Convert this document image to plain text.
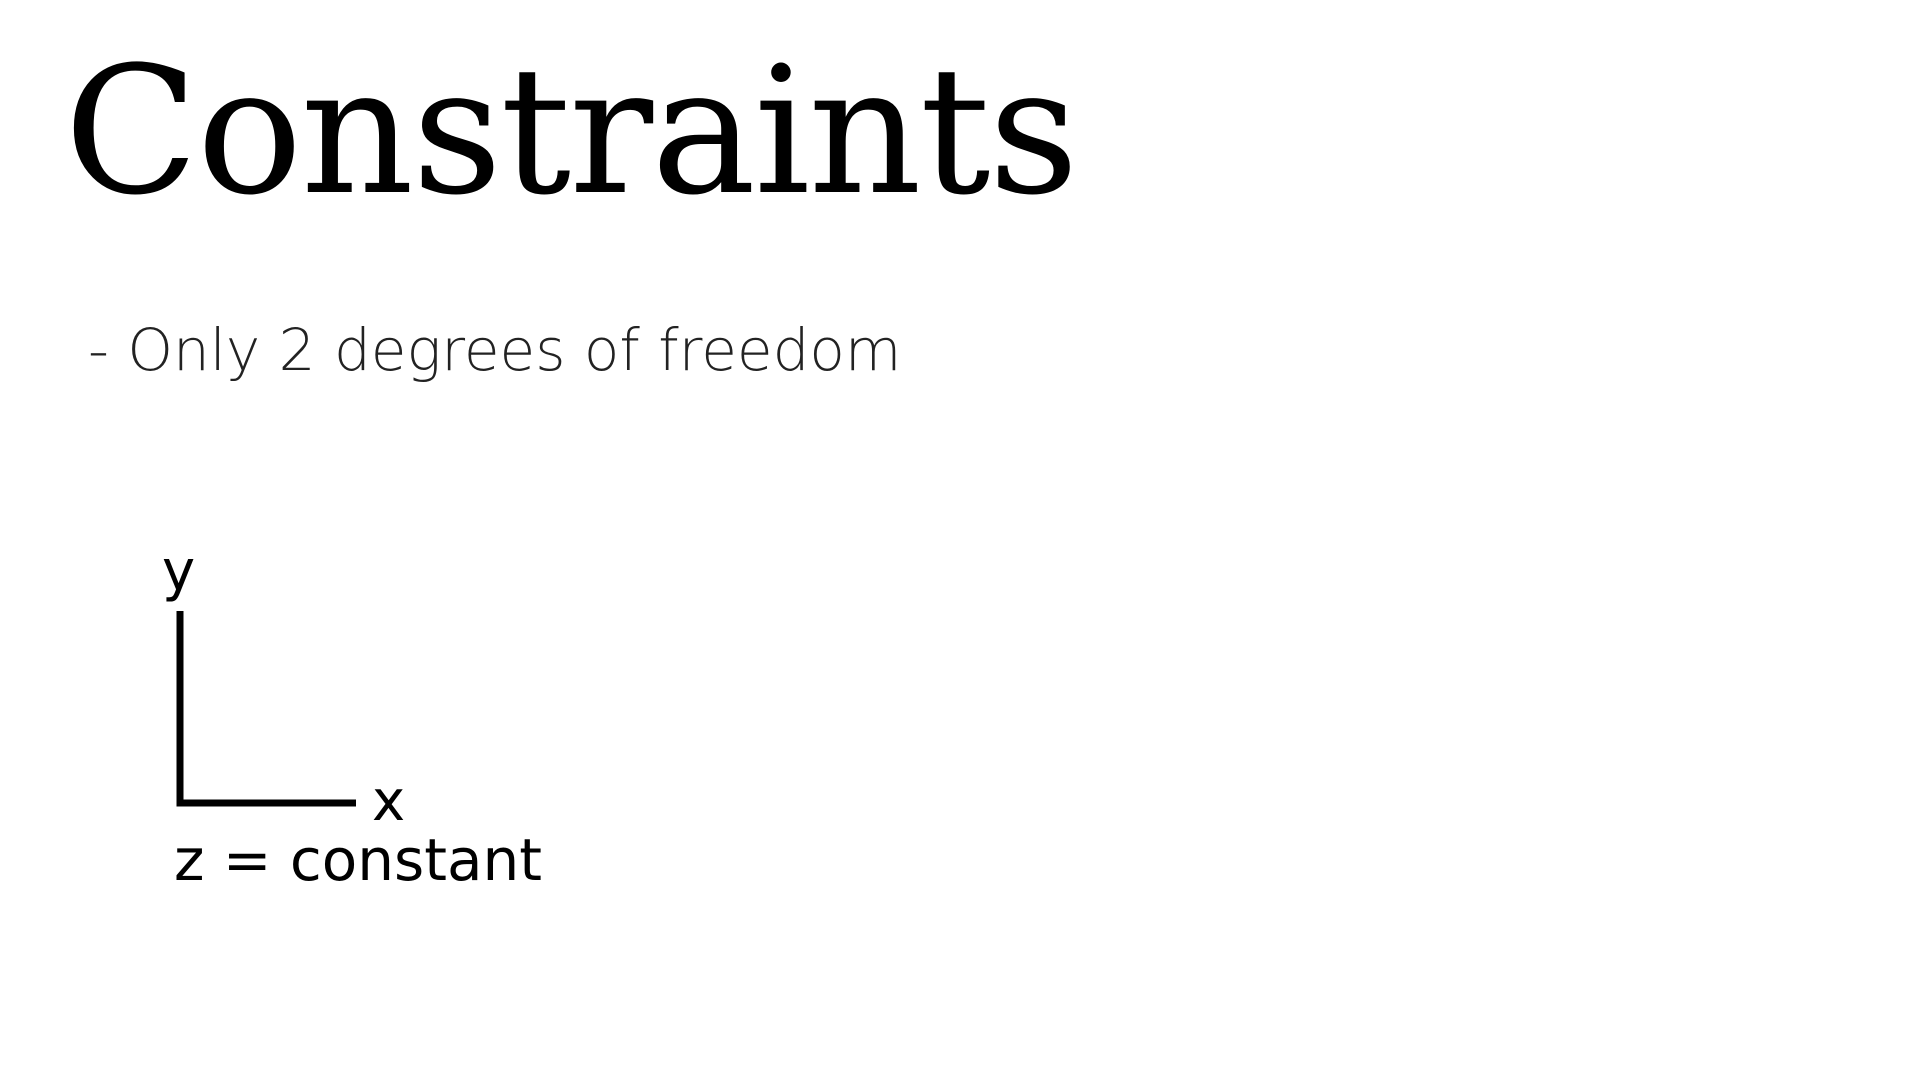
Constraints

- Only 2 degrees of freedom

y
x
z = constant
